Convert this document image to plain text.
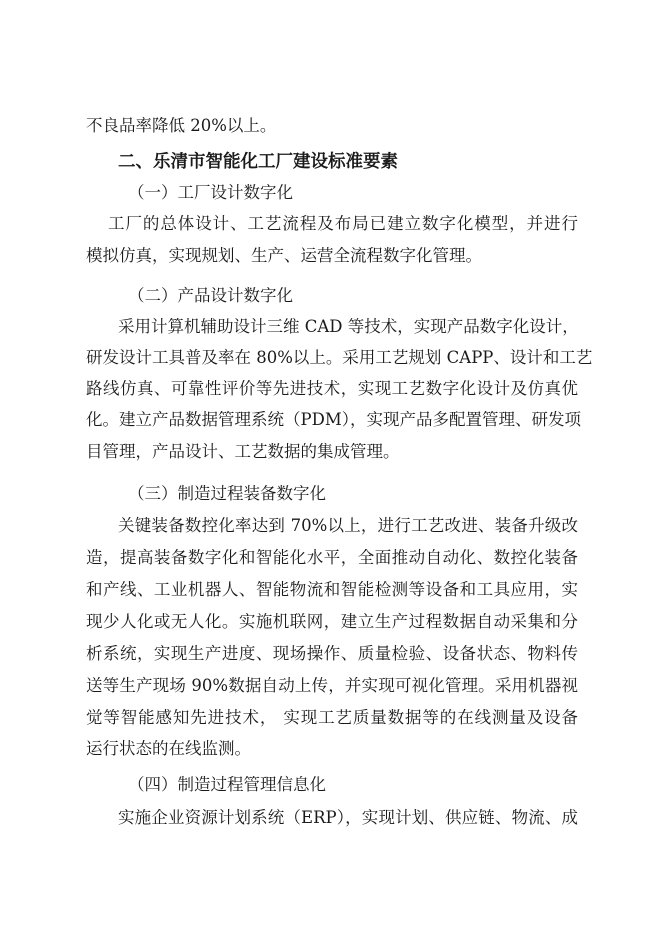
不良品率降低 20%以上。
二、乐清市智能化工厂建设标准要素
（一）工厂设计数字化
工厂的总体设计、工艺流程及布局已建立数字化模型，并进行
模拟仿真，实现规划、生产、运营全流程数字化管理。
（二）产品设计数字化
采用计算机辅助设计三维 CAD 等技术，实现产品数字化设计，
研发设计工具普及率在 80%以上。采用工艺规划 CAPP、设计和工艺
路线仿真、可靠性评价等先进技术，实现工艺数字化设计及仿真优
化。建立产品数据管理系统（PDM），实现产品多配置管理、研发项
目管理，产品设计、工艺数据的集成管理。
（三）制造过程装备数字化
关键装备数控化率达到 70%以上，进行工艺改进、装备升级改
造，提高装备数字化和智能化水平，全面推动自动化、数控化装备
和产线、工业机器人、智能物流和智能检测等设备和工具应用，实
现少人化或无人化。实施机联网，建立生产过程数据自动采集和分
析系统，实现生产进度、现场操作、质量检验、设备状态、物料传
送等生产现场 90%数据自动上传，并实现可视化管理。采用机器视
觉等智能感知先进技术， 实现工艺质量数据等的在线测量及设备
运行状态的在线监测。
（四）制造过程管理信息化
实施企业资源计划系统（ERP），实现计划、供应链、物流、成
